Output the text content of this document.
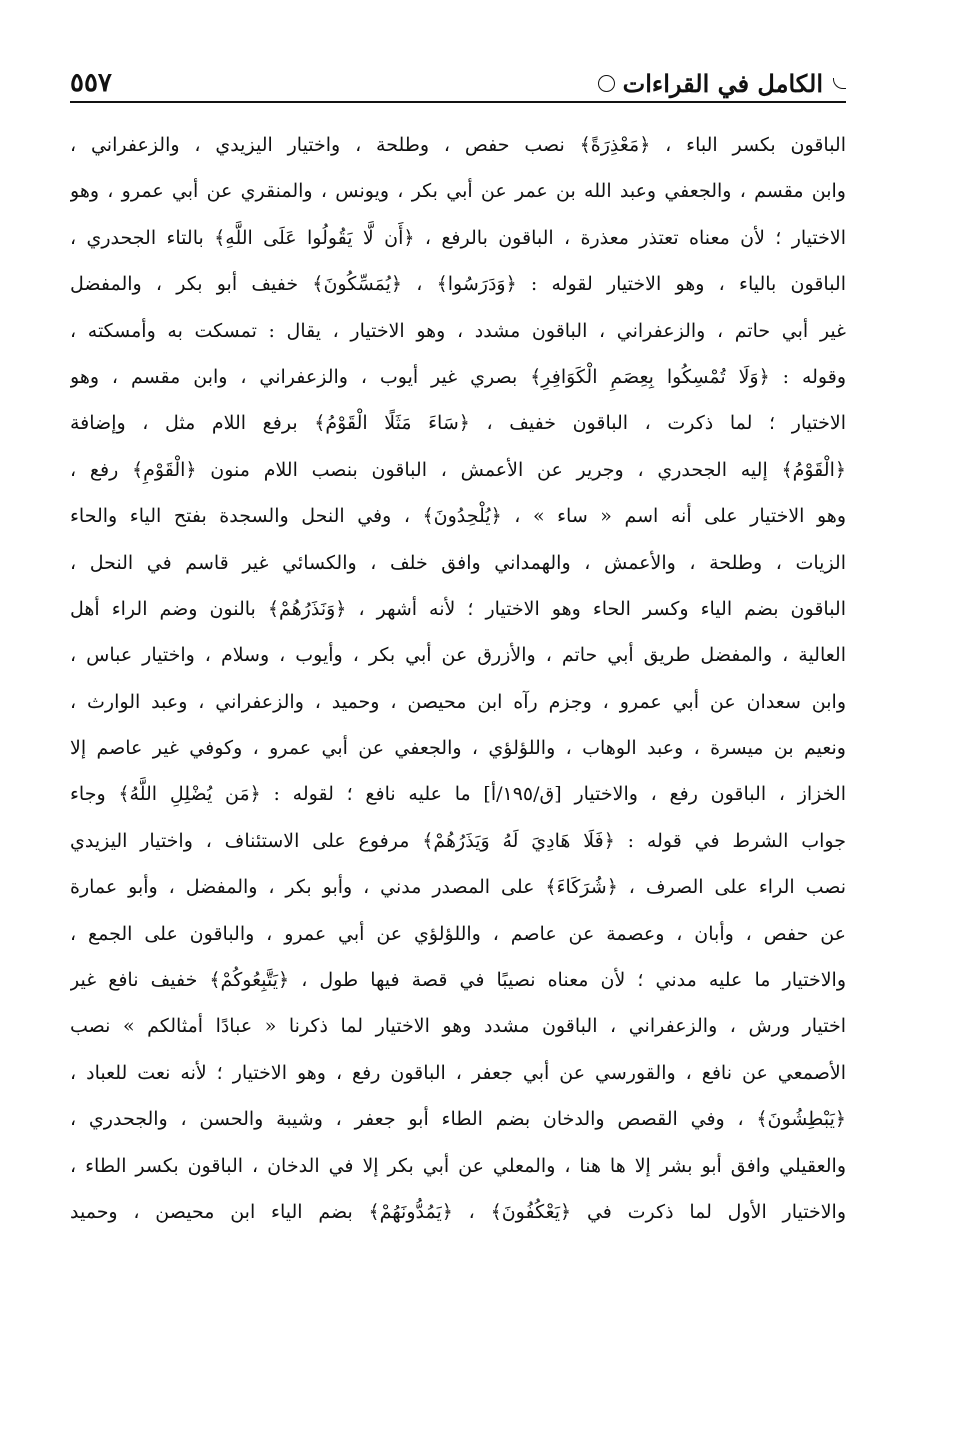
الكامل في القراءات
٥٥٧
الباقون بكسر الباء ، ﴿مَعْذِرَةً﴾ نصب حفص ، وطلحة ، واختيار اليزيدي ، والزعفراني ،
وابن مقسم ، والجعفي وعبد الله بن عمر عن أبي بكر ، ويونس ، والمنقري عن أبي عمرو ، وهو
الاختيار ؛ لأن معناه تعتذر معذرة ، الباقون بالرفع ، ﴿أَن لَّا يَقُولُوا عَلَى اللَّهِ﴾ بالتاء الجحدري ،
الباقون بالياء ، وهو الاختيار لقوله : ﴿وَدَرَسُوا﴾ ، ﴿يُمَسِّكُونَ﴾ خفيف أبو بكر ، والمفضل
غير أبي حاتم ، والزعفراني ، الباقون مشدد ، وهو الاختيار ، يقال : تمسكت به وأمسكته ،
وقوله : ﴿وَلَا تُمْسِكُوا بِعِصَمِ الْكَوَافِرِ﴾ بصري غير أيوب ، والزعفراني ، وابن مقسم ، وهو
الاختيار ؛ لما ذكرت ، الباقون خفيف ، ﴿سَاءَ مَثَلًا الْقَوْمُ﴾ برفع اللام مثل ، وإضافة
﴿الْقَوْمُ﴾ إليه الجحدري ، وجرير عن الأعمش ، الباقون بنصب اللام منون ﴿الْقَوْمِ﴾ رفع ،
وهو الاختيار على أنه اسم « ساء » ، ﴿يُلْحِدُونَ﴾ ، وفي النحل والسجدة بفتح الياء والحاء
الزيات ، وطلحة ، والأعمش ، والهمداني وافق خلف ، والكسائي غير قاسم في النحل ،
الباقون بضم الياء وكسر الحاء وهو الاختيار ؛ لأنه أشهر ، ﴿وَنَذَرُهُمْ﴾ بالنون وضم الراء أهل
العالية ، والمفضل طريق أبي حاتم ، والأزرق عن أبي بكر ، وأيوب ، وسلام ، واختيار عباس ،
وابن سعدان عن أبي عمرو ، وجزم رآه ابن محيصن ، وحميد ، والزعفراني ، وعبد الوارث ،
ونعيم بن ميسرة ، وعبد الوهاب ، واللؤلؤي ، والجعفي عن أبي عمرو ، وكوفي غير عاصم إلا
الخزاز ، الباقون رفع ، والاختيار [ق/١٩٥/أ] ما عليه نافع ؛ لقوله : ﴿مَن يُضْلِلِ اللَّهُ﴾ وجاء
جواب الشرط في قوله : ﴿فَلَا هَادِيَ لَهُ وَيَذَرُهُمْ﴾ مرفوع على الاستئناف ، واختيار اليزيدي
نصب الراء على الصرف ، ﴿شُرَكَاءَ﴾ على المصدر مدني ، وأبو بكر ، والمفضل ، وأبو عمارة
عن حفص ، وأبان ، وعصمة عن عاصم ، واللؤلؤي عن أبي عمرو ، والباقون على الجمع ،
والاختيار ما عليه مدني ؛ لأن معناه نصيبًا في قصة فيها طول ، ﴿يَتَّبِعُوكُمْ﴾ خفيف نافع غير
اختيار ورش ، والزعفراني ، الباقون مشدد وهو الاختيار لما ذكرنا « عبادًا أمثالكم » نصب
الأصمعي عن نافع ، والقورسي عن أبي جعفر ، الباقون رفع ، وهو الاختيار ؛ لأنه نعت للعباد ،
﴿يَبْطِشُونَ﴾ ، وفي القصص والدخان بضم الطاء أبو جعفر ، وشيبة والحسن ، والجحدري ،
والعقيلي وافق أبو بشر إلا ها هنا ، والمعلي عن أبي بكر إلا في الدخان ، الباقون بكسر الطاء ،
والاختيار الأول لما ذكرت في ﴿يَعْكُفُونَ﴾ ، ﴿يَمُدُّونَهُمْ﴾ بضم الياء ابن محيصن ، وحميد
